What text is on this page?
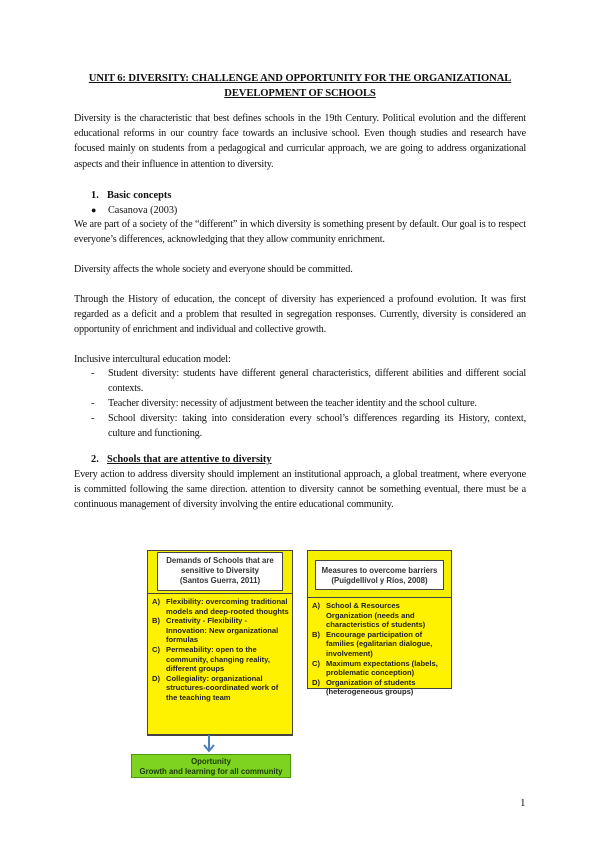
UNIT 6: DIVERSITY: CHALLENGE AND OPPORTUNITY FOR THE ORGANIZATIONAL
DEVELOPMENT OF SCHOOLS
Diversity is the characteristic that best defines schools in the 19th Century. Political evolution and the different educational reforms in our country face towards an inclusive school. Even though studies and research have focused mainly on students from a pedagogical and curricular approach, we are going to address organizational aspects and their influence in attention to diversity.
1. Basic concepts
● Casanova (2003)
We are part of a society of the “different” in which diversity is something present by default. Our goal is to respect everyone’s differences, acknowledging that they allow community enrichment.
Diversity affects the whole society and everyone should be committed.
Through the History of education, the concept of diversity has experienced a profound evolution. It was first regarded as a deficit and a problem that resulted in segregation responses. Currently, diversity is considered an opportunity of enrichment and individual and collective growth.
Inclusive intercultural education model:
- Student diversity: students have different general characteristics, different abilities and different social contexts.
- Teacher diversity: necessity of adjustment between the teacher identity and the school culture.
- School diversity: taking into consideration every school’s differences regarding its History, context, culture and functioning.
2. Schools that are attentive to diversity
Every action to address diversity should implement an institutional approach, a global treatment, where everyone is committed following the same direction. attention to diversity cannot be something eventual, there must be a continuous management of diversity involving the entire educational community.
Demands of Schools that are
sensitive to Diversity
(Santos Guerra, 2011)
A) Flexibility: overcoming traditional models and deep-rooted thoughts
B) Creativity - Flexibility - Innovation: New organizational formulas
C) Permeability: open to the community, changing reality, different groups
D) Collegiality: organizational structures-coordinated work of the teaching team
Oportunity
Growth and learning for all community
Measures to overcome barriers
(Puigdellívol y Ríos, 2008)
A) School & Resources Organization (needs and characteristics of students)
B) Encourage participation of families (egalitarian dialogue, involvement)
C) Maximum expectations (labels, problematic conception)
D) Organization of students (heterogeneous groups)
1
